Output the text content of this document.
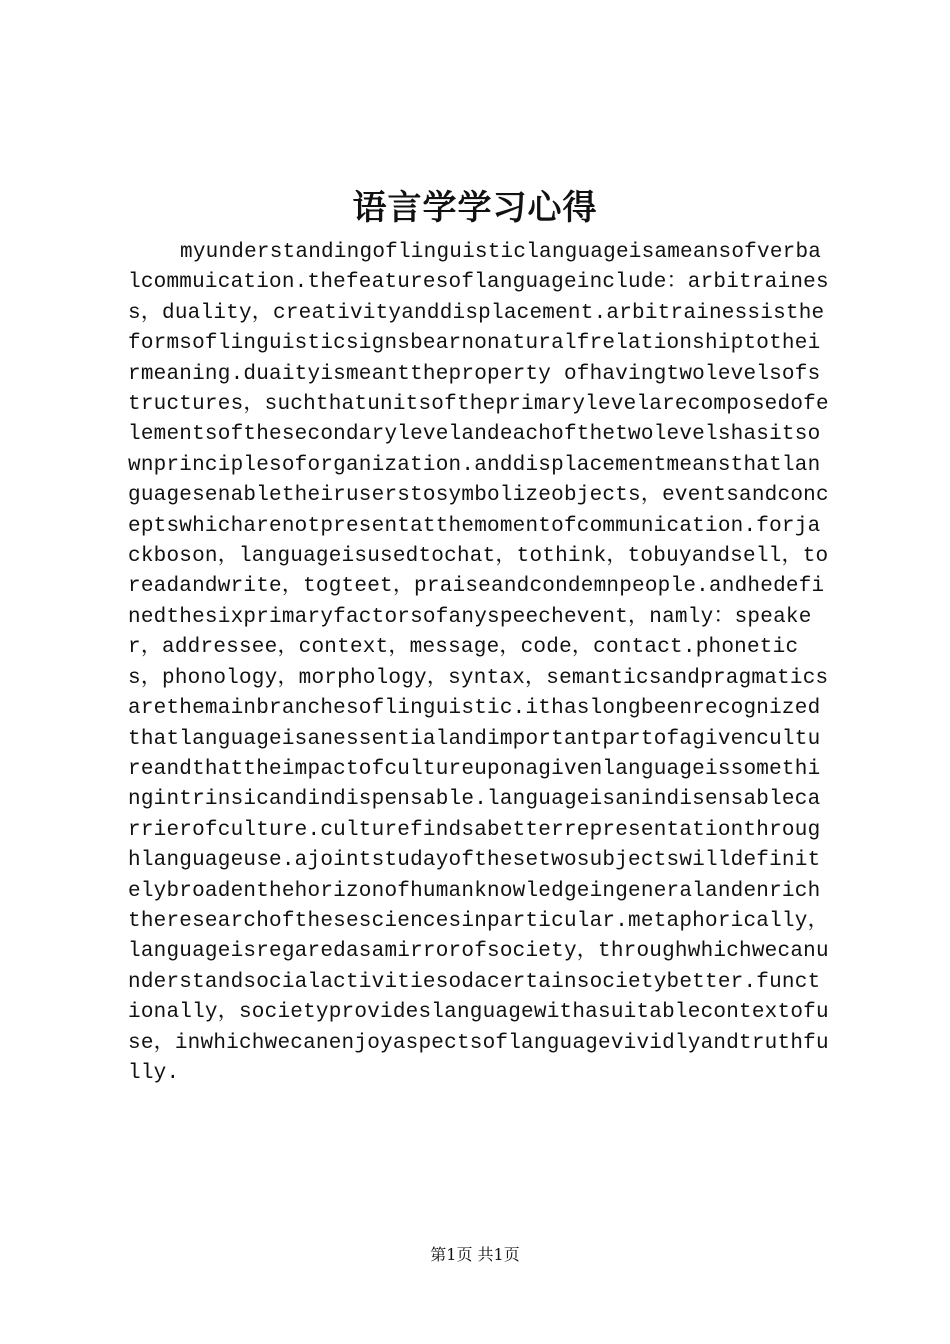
语言学学习心得

myunderstandingoflinguisticlanguageisameansofverbalcommuication.thefeaturesoflanguageinclude：arbitrainess，duality，creativityanddisplacement.arbitrainessistheformsoflinguisticsignsbearnonaturalfrelationshiptotheirmeaning.duaityismeanttheproperty ofhavingtwolevelsofstructures，suchthatunitsoftheprimarylevelarecomposedofelementsofthesecondarylevelandeachofthetwolevelshasitsownprinciplesoforganization.anddisplacementmeansthatlanguagesenabletheiruserstosymbolizeobjects，eventsandconceptswhicharenotpresentatthemomentofcommunication.forjackboson，languageisusedtochat，tothink，tobuyandsell，toreadandwrite，togteet，praiseandcondemnpeople.andhedefinedthesixprimaryfactorsofanyspeechevent，namly：speaker，addressee，context，message，code，contact.phonetics，phonology，morphology，syntax，semanticsandpragmaticsarethemainbranchesoflinguistic.ithaslongbeenrecognizedthatlanguageisanessentialandimportantpartofagivencultureandthattheimpactofcultureuponagivenlanguageissomethingintrinsicandindispensable.languageisanindisensablecarrierofculture.culturefindsabetterrepresentationthroughlanguageuse.ajointstudayofthesetwosubjectswilldefinitelybroadenthehorizonofhumanknowledgeingeneralandenrichtheresearchofthesesciencesinparticular.metaphorically，languageisregaredasamirrorofsociety，throughwhichwecanunderstandsocialactivitiesodacertainsocietybetter.functionally，societyprovideslanguagewithasuitablecontextofuse，inwhichwecanenjoyaspectsoflanguagevividlyandtruthfully.

第1页 共1页
